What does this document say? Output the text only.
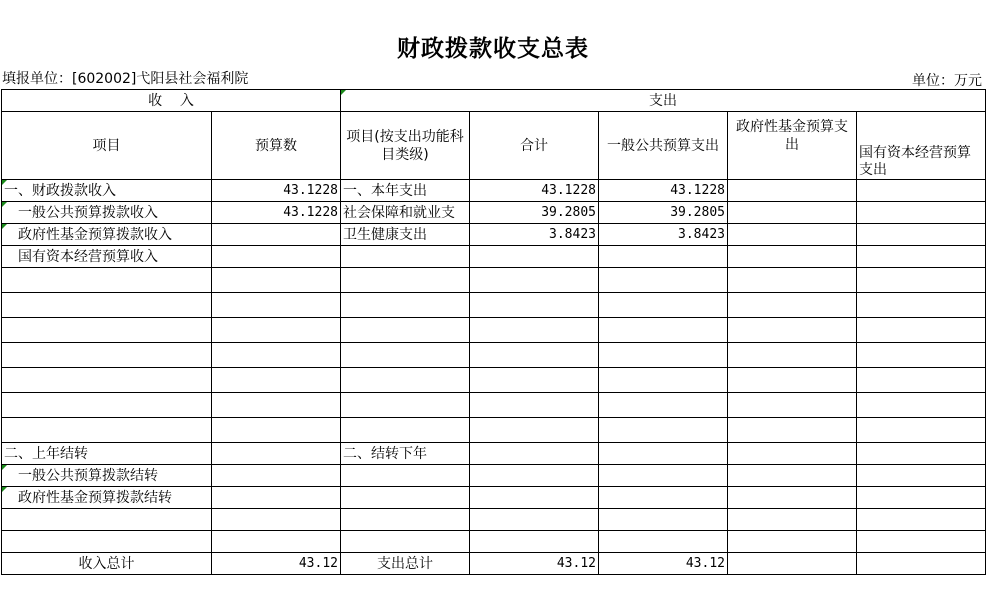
财政拨款收支总表
填报单位：[602002]弋阳县社会福利院	单位：万元
收    入		支出				
项目	预算数	项目(按支出功能科目类级)	合计	一般公共预算支出	政府性基金预算支出	国有资本经营预算支出
一、财政拨款收入	43.1228	一、本年支出	43.1228	43.1228		
一般公共预算拨款收入	43.1228	社会保障和就业支	39.2805	39.2805		
政府性基金预算拨款收入		卫生健康支出	3.8423	3.8423		
国有资本经营预算收入						

二、上年结转		二、结转下年				
一般公共预算拨款结转						
政府性基金预算拨款结转						

收入总计	43.12	支出总计	43.12	43.12		
